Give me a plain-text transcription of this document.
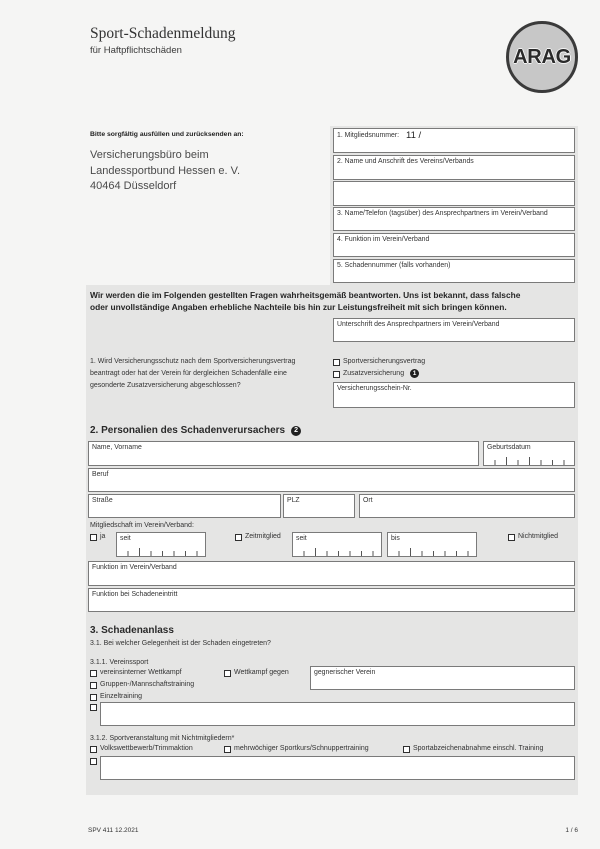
Sport-Schadenmeldung
für Haftpflichtschäden	ARAG
Bitte sorgfältig ausfüllen und zurücksenden an:
Versicherungsbüro beim
Landessportbund Hessen e. V.
40464 Düsseldorf
1. Mitgliedsnummer: 11 /
2. Name und Anschrift des Vereins/Verbands
3. Name/Telefon (tagsüber) des Ansprechpartners im Verein/Verband
4. Funktion im Verein/Verband
5. Schadennummer (falls vorhanden)
Wir werden die im Folgenden gestellten Fragen wahrheitsgemäß beantworten. Uns ist bekannt, dass falsche
oder unvollständige Angaben erhebliche Nachteile bis hin zur Leistungsfreiheit mit sich bringen können.
Unterschrift des Ansprechpartners im Verein/Verband
1. Wird Versicherungsschutz nach dem Sportversicherungsvertrag
beantragt oder hat der Verein für dergleichen Schadenfälle eine
gesonderte Zusatzversicherung abgeschlossen?
Sportversicherungsvertrag
Zusatzversicherung	1
Versicherungsschein-Nr.
2. Personalien des Schadenverursachers	2
Name, Vorname	Geburtsdatum
Beruf
Straße	PLZ	Ort
Mitgliedschaft im Verein/Verband:
ja seit	Zeitmitglied seit	bis	Nichtmitglied
Funktion im Verein/Verband
Funktion bei Schadeneintritt
3. Schadenanlass
3.1. Bei welcher Gelegenheit ist der Schaden eingetreten?
3.1.1. Vereinssport
vereinsinterner Wettkampf	Wettkampf gegen	gegnerischer Verein
Gruppen-/Mannschaftstraining
Einzeltraining
3.1.2. Sportveranstaltung mit Nichtmitgliedern*
Volkswettbewerb/Trimmaktion	mehrwöchiger Sportkurs/Schnuppertraining	Sportabzeichenabnahme einschl. Training
SPV 411 12.2021	1 / 6
